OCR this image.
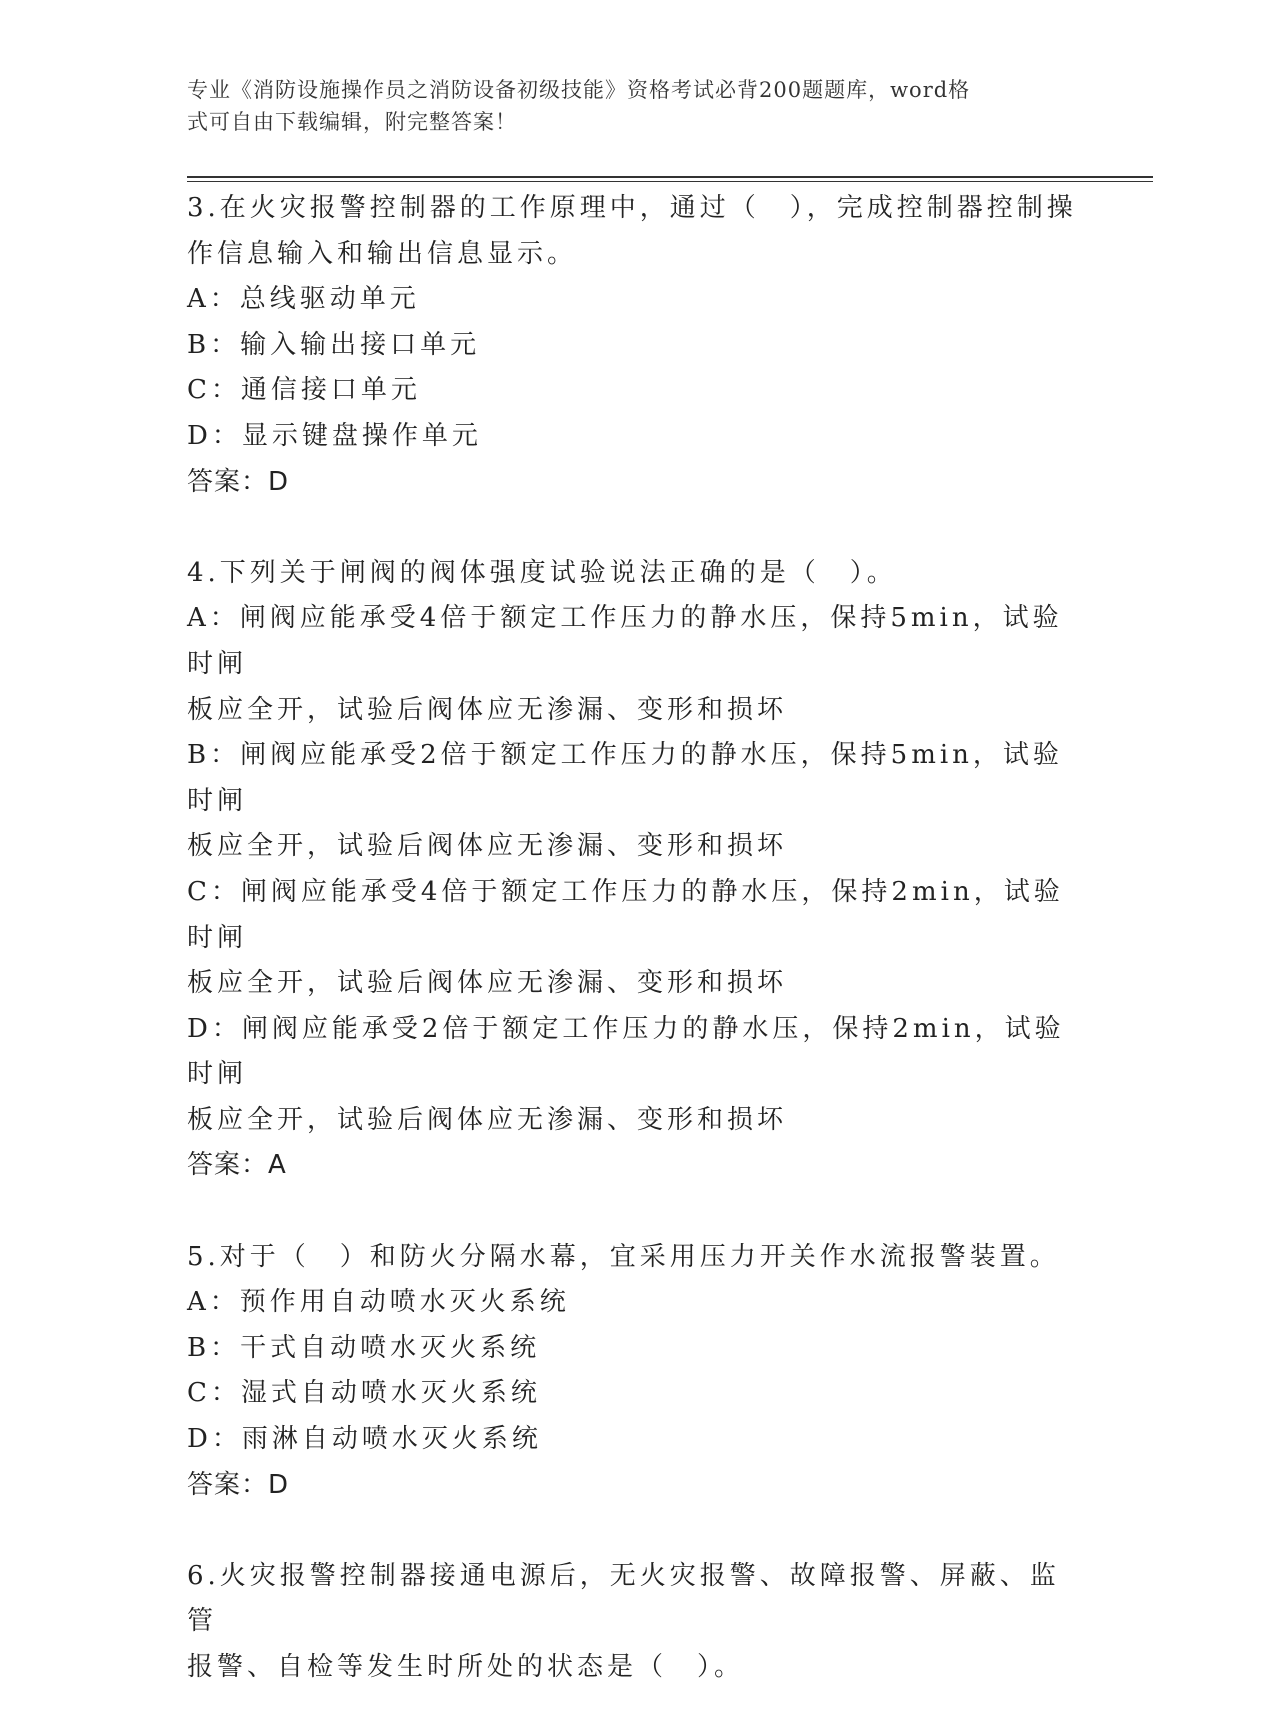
专业《消防设施操作员之消防设备初级技能》资格考试必背200题题库，word格
式可自由下载编辑，附完整答案！
3.在火灾报警控制器的工作原理中，通过（　），完成控制器控制操
作信息输入和输出信息显示。
A：总线驱动单元
B：输入输出接口单元
C：通信接口单元
D：显示键盘操作单元
答案：D
4.下列关于闸阀的阀体强度试验说法正确的是（　）。
A：闸阀应能承受4倍于额定工作压力的静水压，保持5min，试验时闸
板应全开，试验后阀体应无渗漏、变形和损坏
B：闸阀应能承受2倍于额定工作压力的静水压，保持5min，试验时闸
板应全开，试验后阀体应无渗漏、变形和损坏
C：闸阀应能承受4倍于额定工作压力的静水压，保持2min，试验时闸
板应全开，试验后阀体应无渗漏、变形和损坏
D：闸阀应能承受2倍于额定工作压力的静水压，保持2min，试验时闸
板应全开，试验后阀体应无渗漏、变形和损坏
答案：A
5.对于（　）和防火分隔水幕，宜采用压力开关作水流报警装置。
A：预作用自动喷水灭火系统
B：干式自动喷水灭火系统
C：湿式自动喷水灭火系统
D：雨淋自动喷水灭火系统
答案：D
6.火灾报警控制器接通电源后，无火灾报警、故障报警、屏蔽、监管
报警、自检等发生时所处的状态是（　）。
